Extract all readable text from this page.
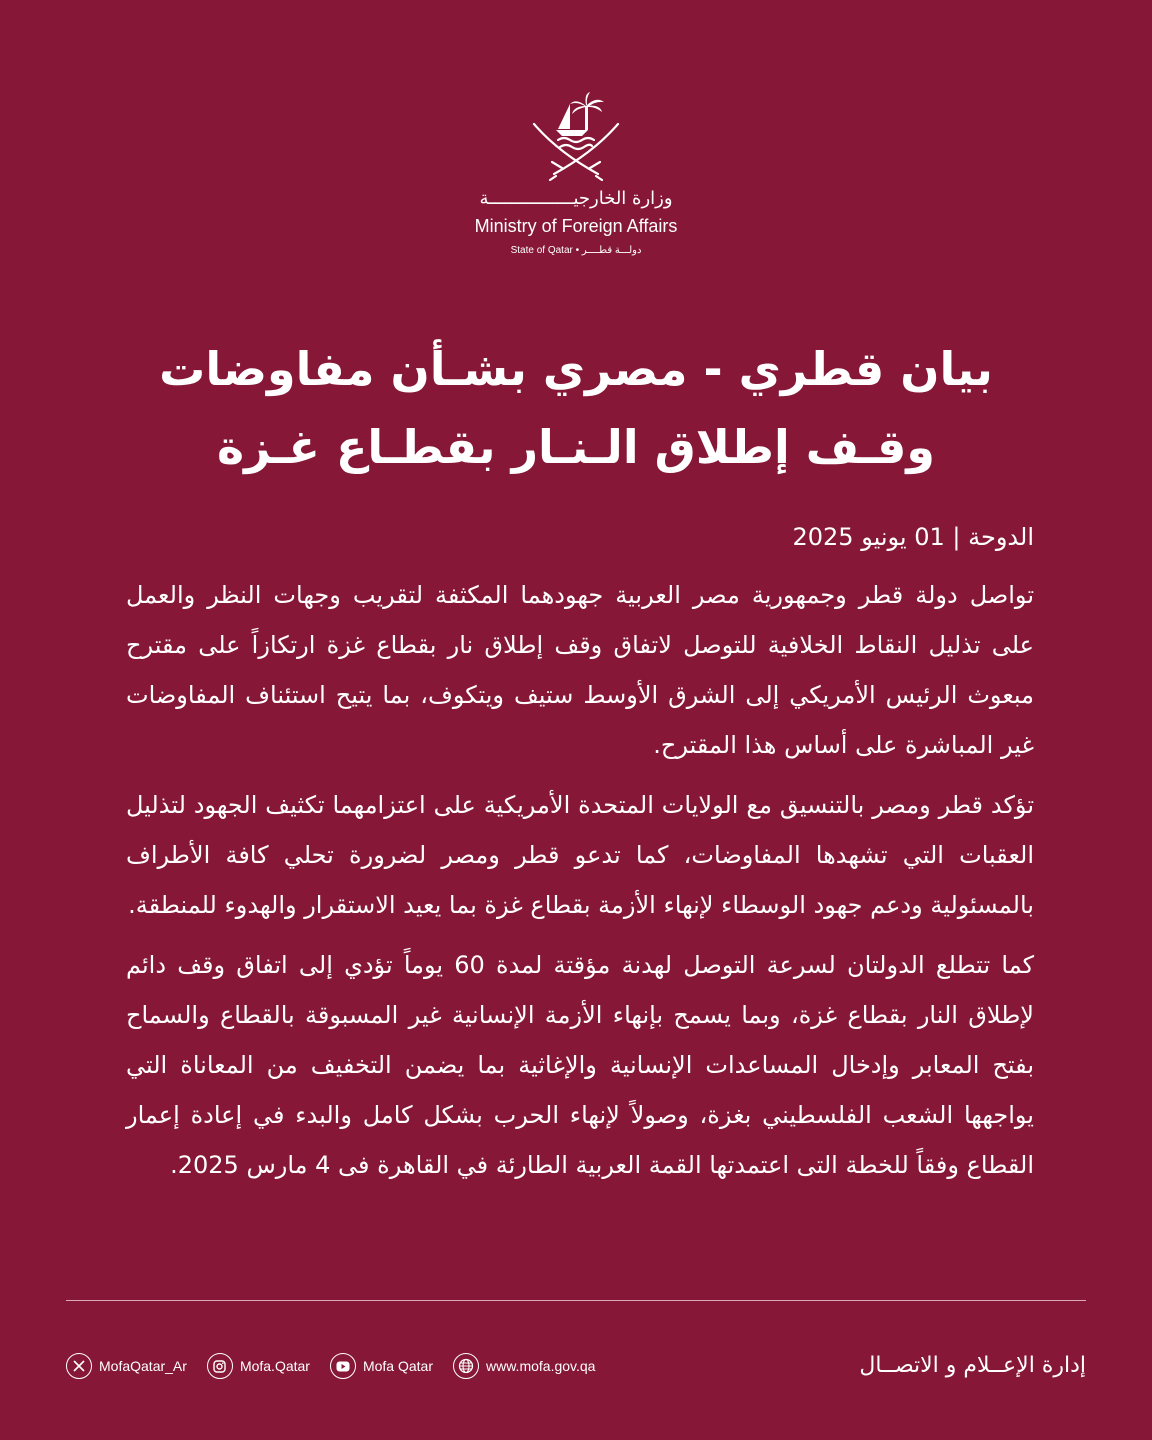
وزارة الخارجيــــــــــــــــة
Ministry of Foreign Affairs
State of Qatar • دولـــة قطــــر
بيان قطري - مصري بشـأن مفاوضات
وقـف إطلاق الـنـار بقطـاع غـزة

الدوحة | 01 يونيو 2025

تواصل دولة قطر وجمهورية مصر العربية جهودهما المكثفة لتقريب وجهات النظر والعمل على تذليل النقاط الخلافية للتوصل لاتفاق وقف إطلاق نار بقطاع غزة ارتكازاً على مقترح مبعوث الرئيس الأمريكي إلى الشرق الأوسط ستيف ويتكوف، بما يتيح استئناف المفاوضات غير المباشرة على أساس هذا المقترح.

تؤكد قطر ومصر بالتنسيق مع الولايات المتحدة الأمريكية على اعتزامهما تكثيف الجهود لتذليل العقبات التي تشهدها المفاوضات، كما تدعو قطر ومصر لضرورة تحلي كافة الأطراف بالمسئولية ودعم جهود الوسطاء لإنهاء الأزمة بقطاع غزة بما يعيد الاستقرار والهدوء للمنطقة.

كما تتطلع الدولتان لسرعة التوصل لهدنة مؤقتة لمدة 60 يوماً تؤدي إلى اتفاق وقف دائم لإطلاق النار بقطاع غزة، وبما يسمح بإنهاء الأزمة الإنسانية غير المسبوقة بالقطاع والسماح بفتح المعابر وإدخال المساعدات الإنسانية والإغاثية بما يضمن التخفيف من المعاناة التي يواجهها الشعب الفلسطيني بغزة، وصولاً لإنهاء الحرب بشكل كامل والبدء في إعادة إعمار القطاع وفقاً للخطة التى اعتمدتها القمة العربية الطارئة في القاهرة فى 4 مارس 2025.

MofaQatar_Ar	Mofa.Qatar	Mofa Qatar	www.mofa.gov.qa	إدارة الإعــلام و الاتصــال
